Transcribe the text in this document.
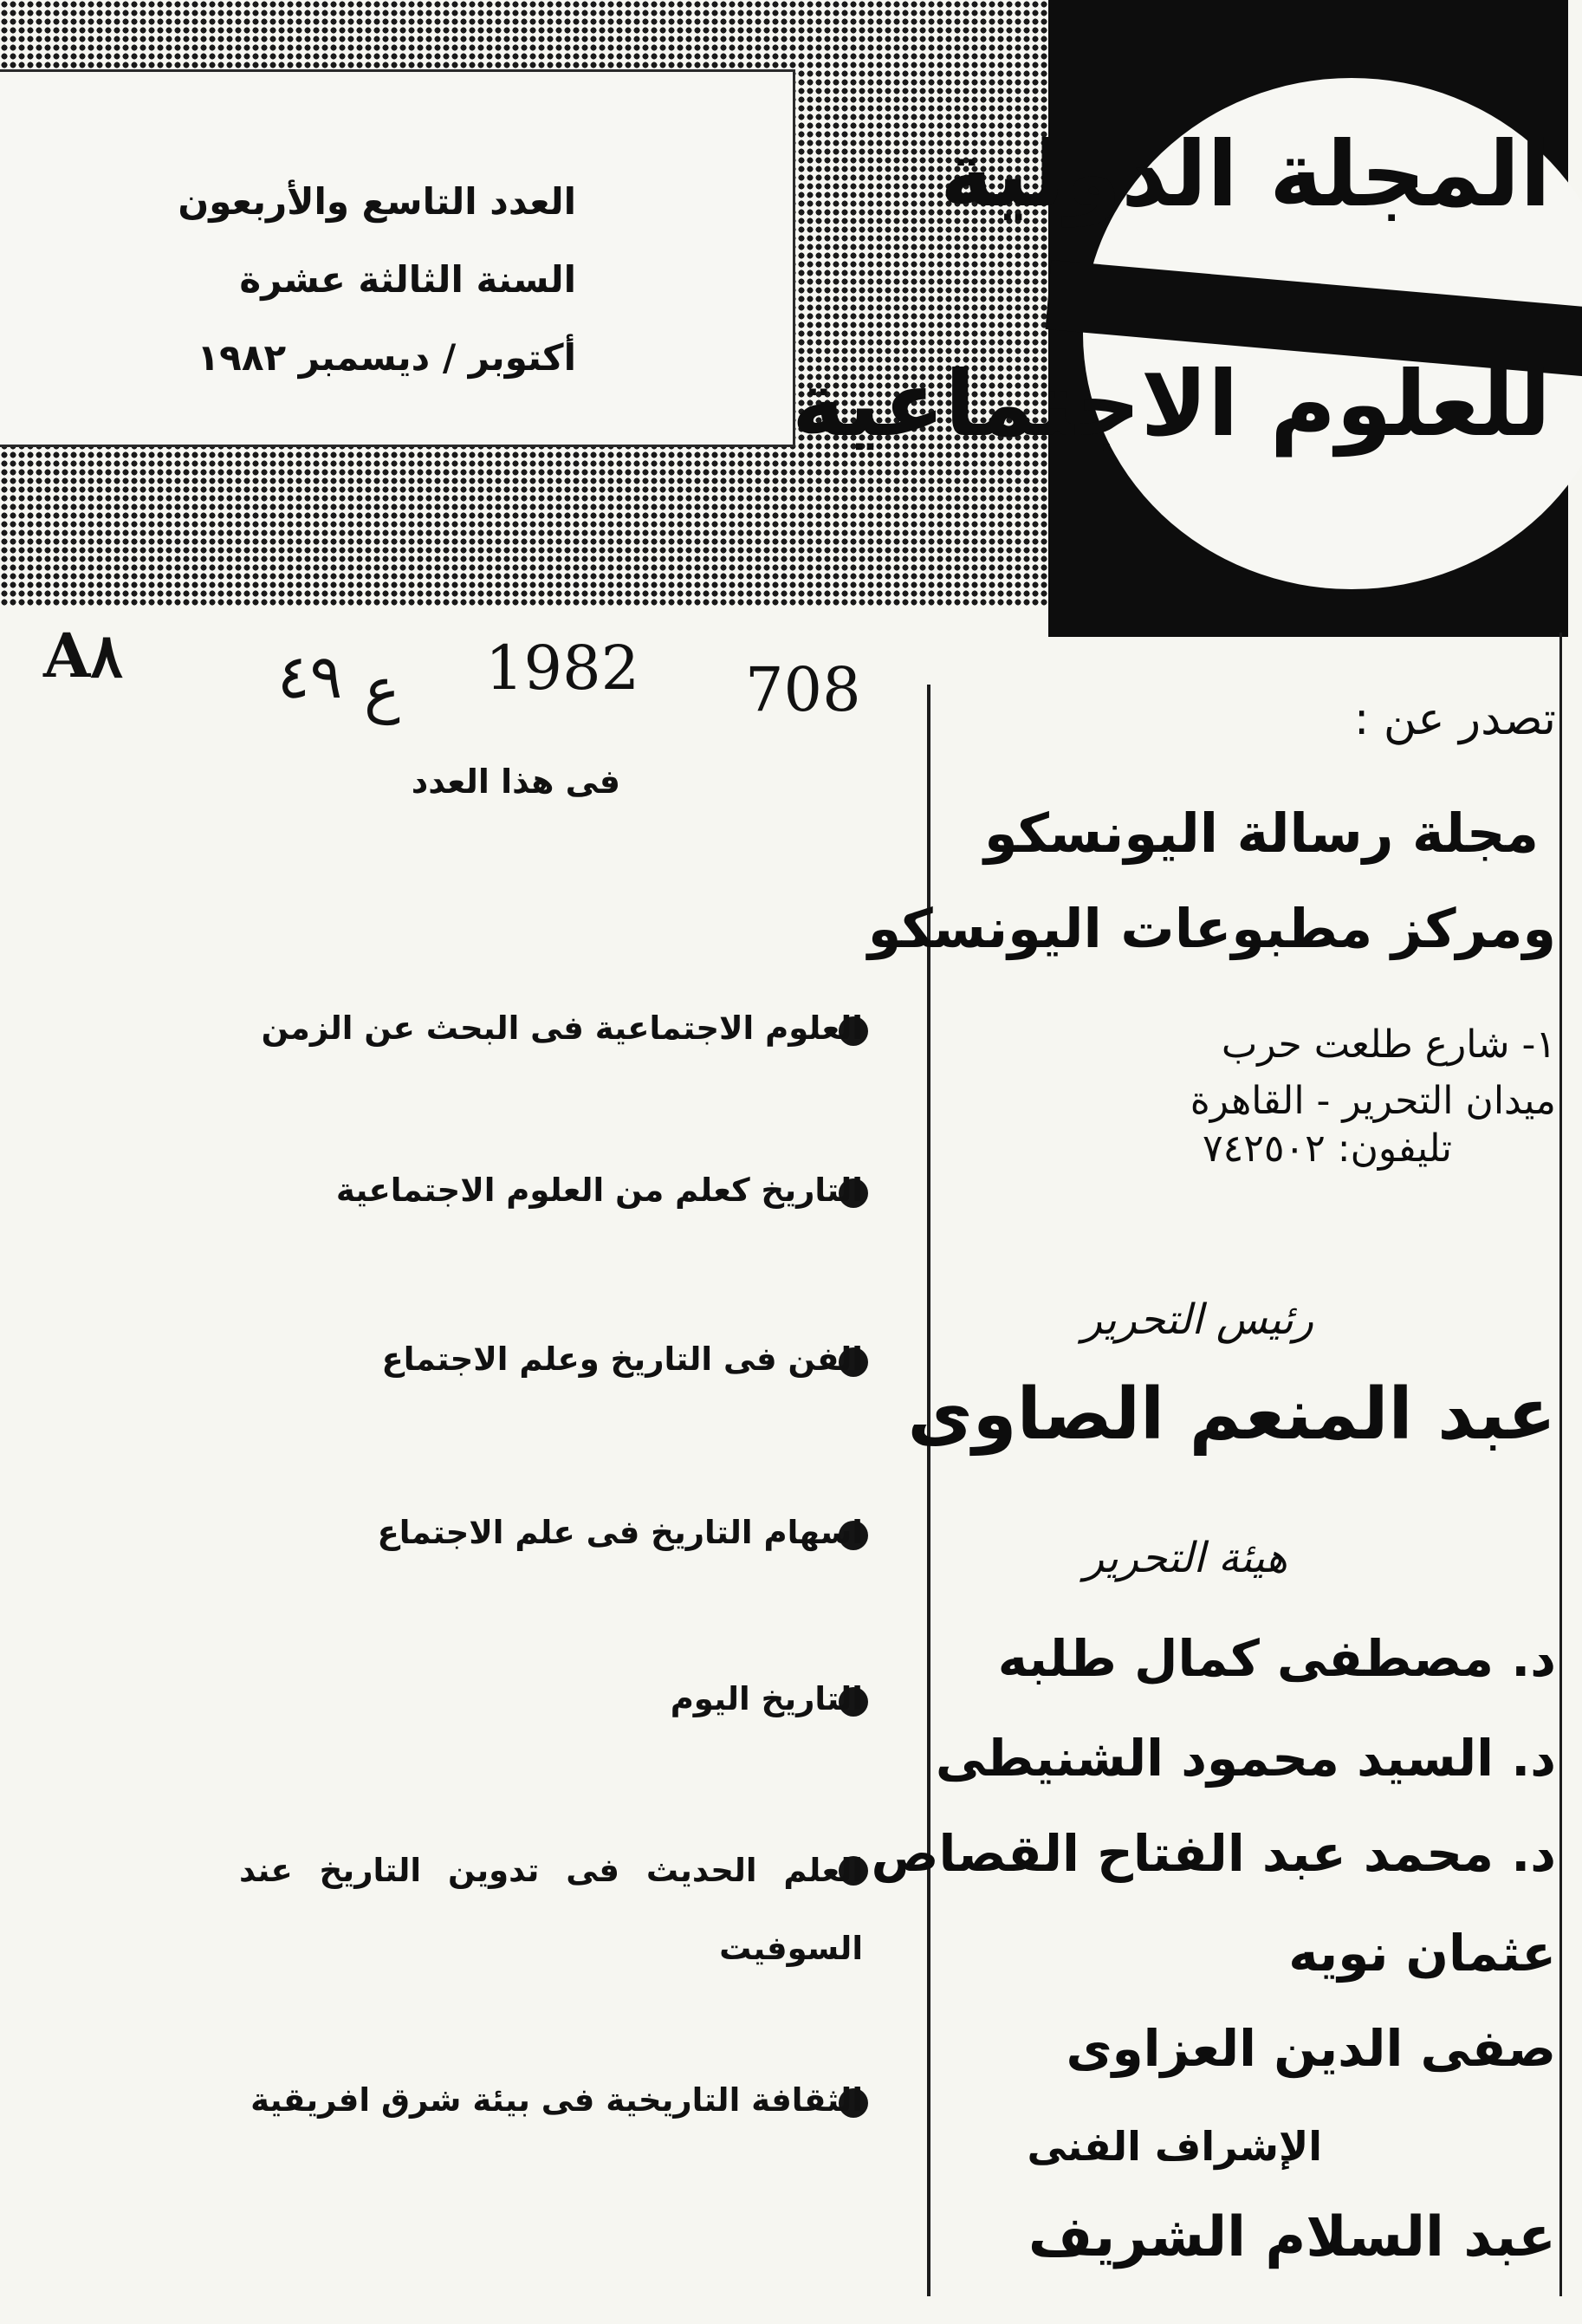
العدد التاسع والأربعون
السنة الثالثة عشرة
أكتوبر / ديسمبر ١٩٨٢
المجلة الدولية
للعلوم الاجتماعية
A٨	٤٩ ع 1982 708
فى هذا العدد
العلوم الاجتماعية فى البحث عن الزمن
التاريخ كعلم من العلوم الاجتماعية
الفن فى التاريخ وعلم الاجتماع
اسهام التاريخ فى علم الاجتماع
التاريخ اليوم
العلم الحديث فى تدوين التاريخ عند السوفيت
الثقافة التاريخية فى بيئة شرق افريقية
تصدر عن :
مجلة رسالة اليونسكو
ومركز مطبوعات اليونسكو
١- شارع طلعت حرب
ميدان التحرير - القاهرة
تليفون: ٧٤٢٥٠٢
رئيس التحرير
عبد المنعم الصاوى
هيئة التحرير
د. مصطفى كمال طلبه
د. السيد محمود الشنيطى
د. محمد عبد الفتاح القصاص
عثمان نويه
صفى الدين العزاوى
الإشراف الفنى
عبد السلام الشريف
